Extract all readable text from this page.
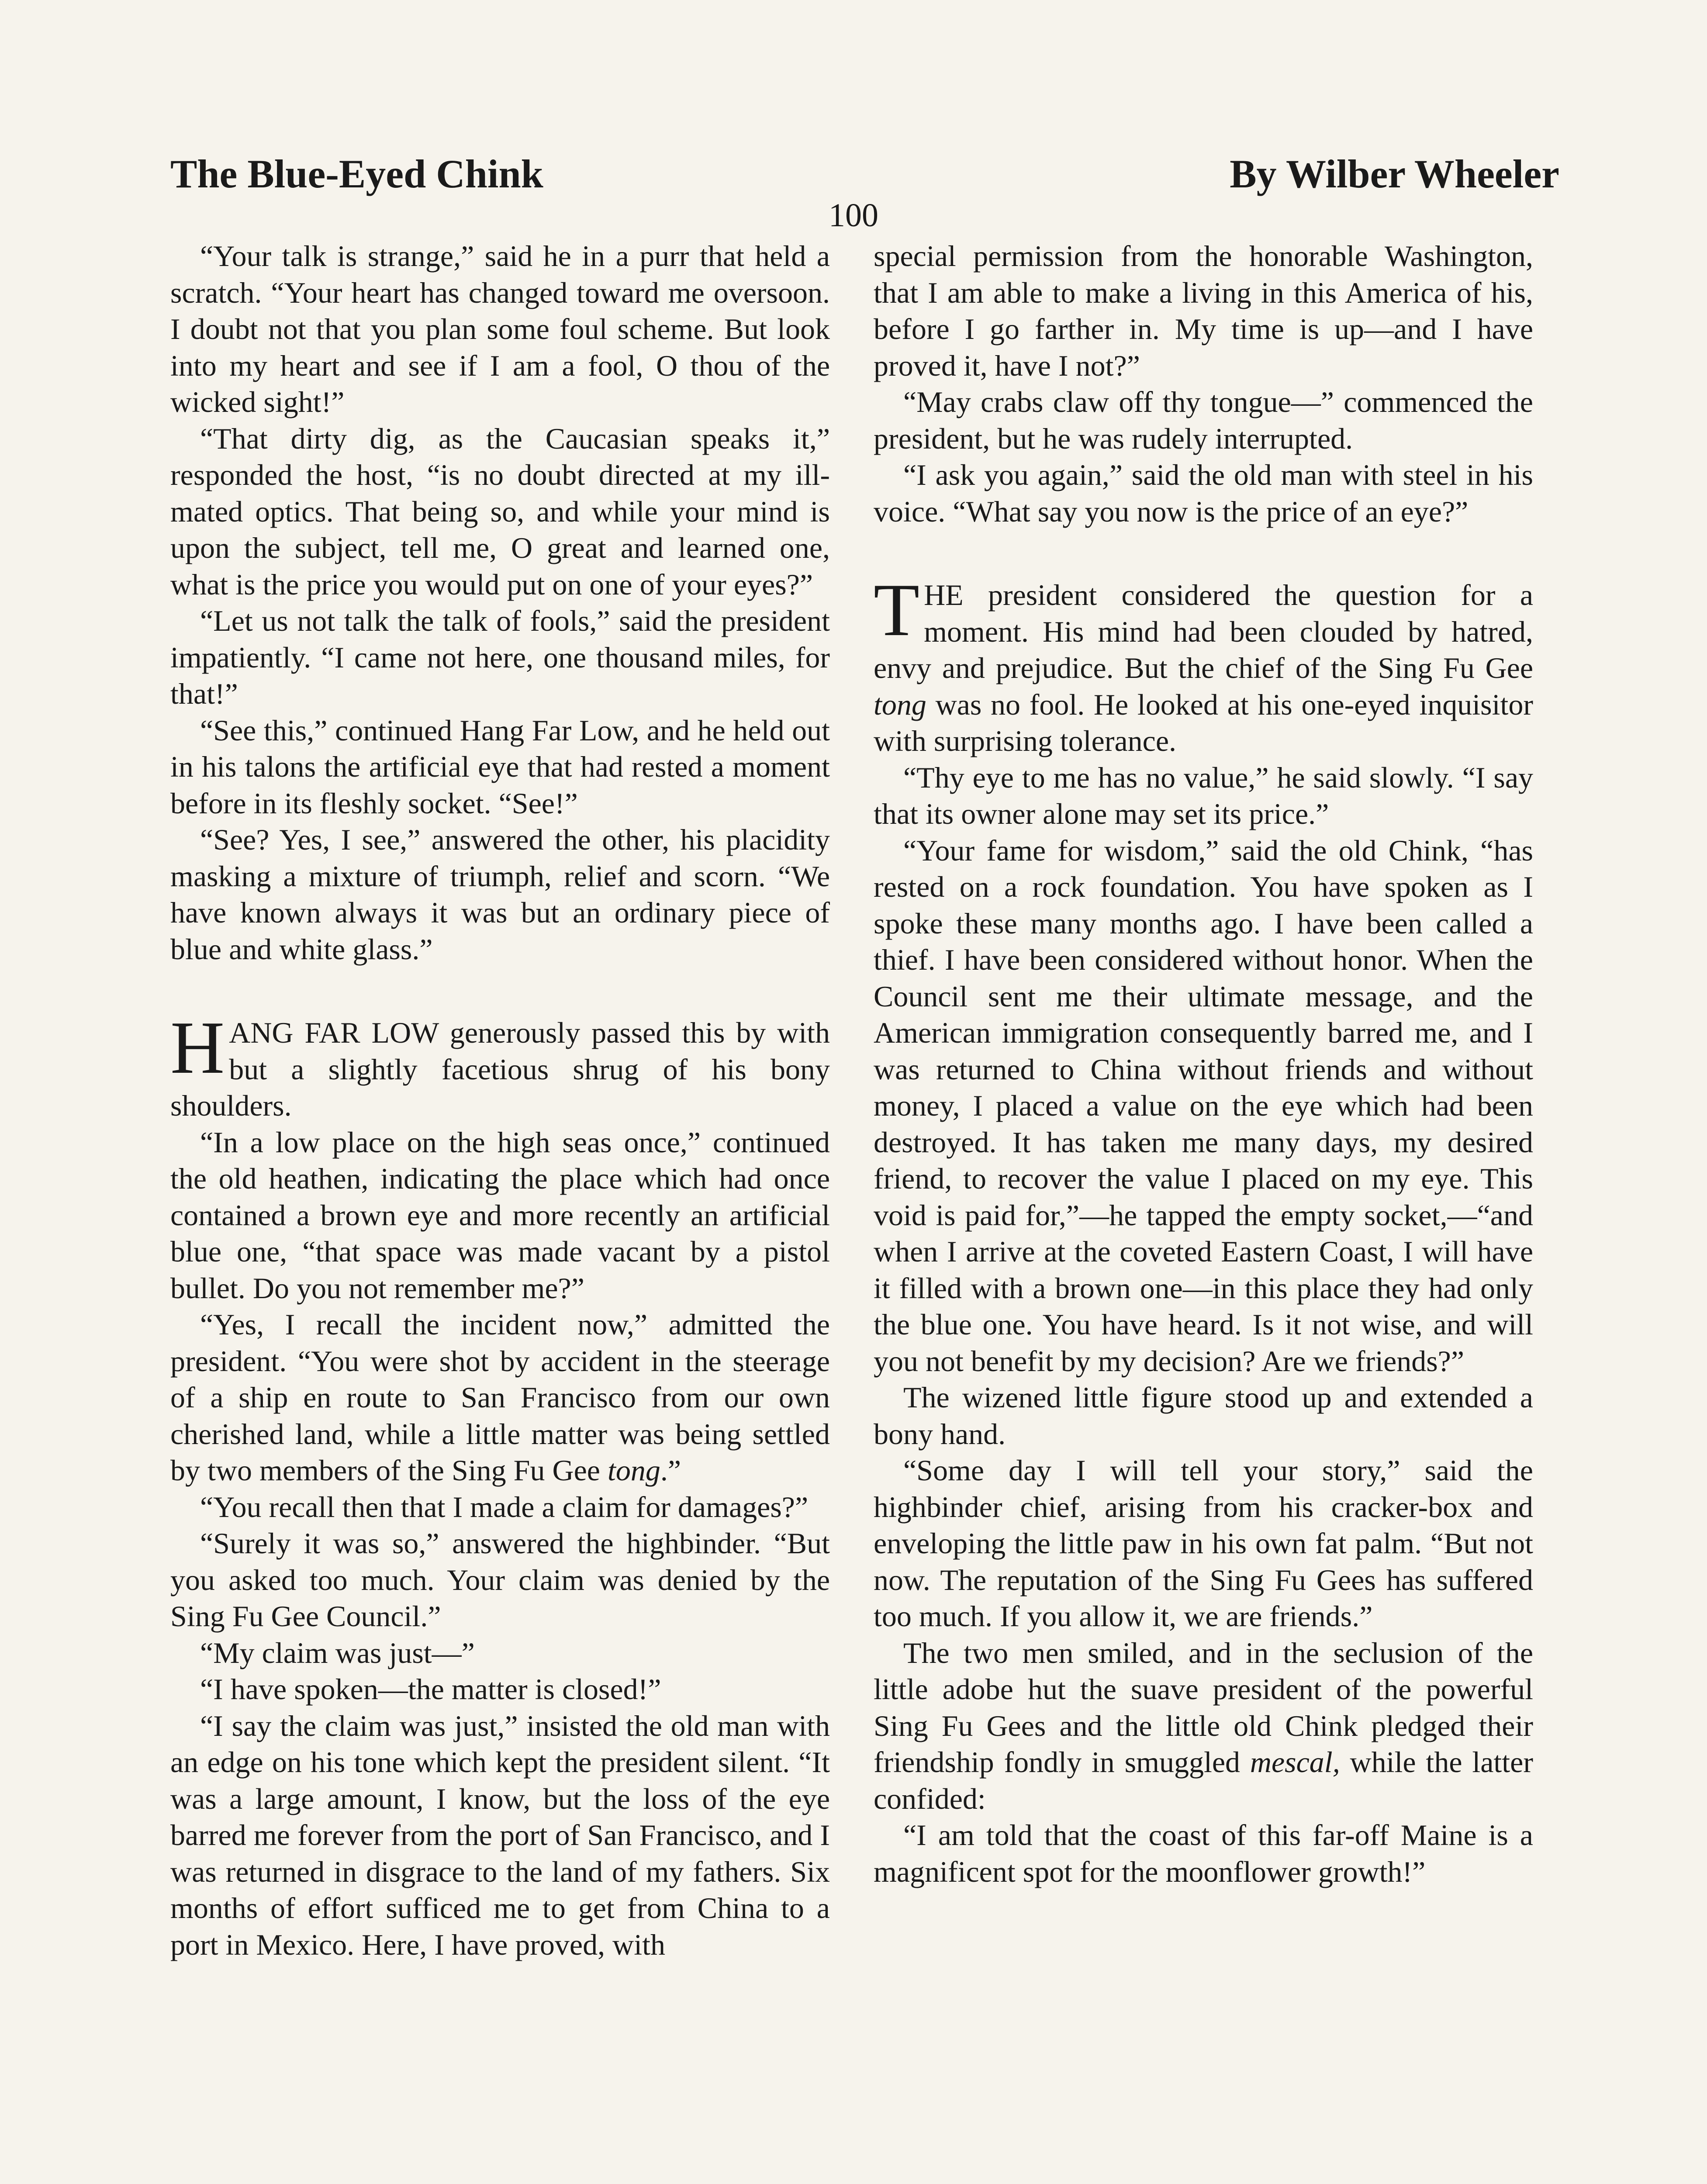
The Blue-Eyed Chink	By Wilber Wheeler
100

“Your talk is strange,” said he in a purr that held a scratch. “Your heart has changed toward me oversoon. I doubt not that you plan some foul scheme. But look into my heart and see if I am a fool, O thou of the wicked sight!”

“That dirty dig, as the Caucasian speaks it,” responded the host, “is no doubt directed at my ill-mated optics. That being so, and while your mind is upon the subject, tell me, O great and learned one, what is the price you would put on one of your eyes?”

“Let us not talk the talk of fools,” said the president impatiently. “I came not here, one thousand miles, for that!”

“See this,” continued Hang Far Low, and he held out in his talons the artificial eye that had rested a moment before in its fleshly socket. “See!”

“See? Yes, I see,” answered the other, his placidity masking a mixture of triumph, relief and scorn. “We have known always it was but an ordinary piece of blue and white glass.”

HANG FAR LOW generously passed this by with but a slightly facetious shrug of his bony shoulders.

“In a low place on the high seas once,” continued the old heathen, indicating the place which had once contained a brown eye and more recently an artificial blue one, “that space was made vacant by a pistol bullet. Do you not remember me?”

“Yes, I recall the incident now,” admitted the president. “You were shot by accident in the steerage of a ship en route to San Francisco from our own cherished land, while a little matter was being settled by two members of the Sing Fu Gee tong.”

“You recall then that I made a claim for damages?”

“Surely it was so,” answered the highbinder. “But you asked too much. Your claim was denied by the Sing Fu Gee Council.”

“My claim was just—”

“I have spoken—the matter is closed!”

“I say the claim was just,” insisted the old man with an edge on his tone which kept the president silent. “It was a large amount, I know, but the loss of the eye barred me forever from the port of San Francisco, and I was returned in disgrace to the land of my fathers. Six months of effort sufficed me to get from China to a port in Mexico. Here, I have proved, with

special permission from the honorable Washington, that I am able to make a living in this America of his, before I go farther in. My time is up—and I have proved it, have I not?”

“May crabs claw off thy tongue—” commenced the president, but he was rudely interrupted.

“I ask you again,” said the old man with steel in his voice. “What say you now is the price of an eye?”

THE president considered the question for a moment. His mind had been clouded by hatred, envy and prejudice. But the chief of the Sing Fu Gee tong was no fool. He looked at his one-eyed inquisitor with surprising tolerance.

“Thy eye to me has no value,” he said slowly. “I say that its owner alone may set its price.”

“Your fame for wisdom,” said the old Chink, “has rested on a rock foundation. You have spoken as I spoke these many months ago. I have been called a thief. I have been considered without honor. When the Council sent me their ultimate message, and the American immigration consequently barred me, and I was returned to China without friends and without money, I placed a value on the eye which had been destroyed. It has taken me many days, my desired friend, to recover the value I placed on my eye. This void is paid for,”—he tapped the empty socket,—“and when I arrive at the coveted Eastern Coast, I will have it filled with a brown one—in this place they had only the blue one. You have heard. Is it not wise, and will you not benefit by my decision? Are we friends?”

The wizened little figure stood up and extended a bony hand.

“Some day I will tell your story,” said the highbinder chief, arising from his cracker-box and enveloping the little paw in his own fat palm. “But not now. The reputation of the Sing Fu Gees has suffered too much. If you allow it, we are friends.”

The two men smiled, and in the seclusion of the little adobe hut the suave president of the powerful Sing Fu Gees and the little old Chink pledged their friendship fondly in smuggled mescal, while the latter confided:

“I am told that the coast of this far-off Maine is a magnificent spot for the moonflower growth!”
